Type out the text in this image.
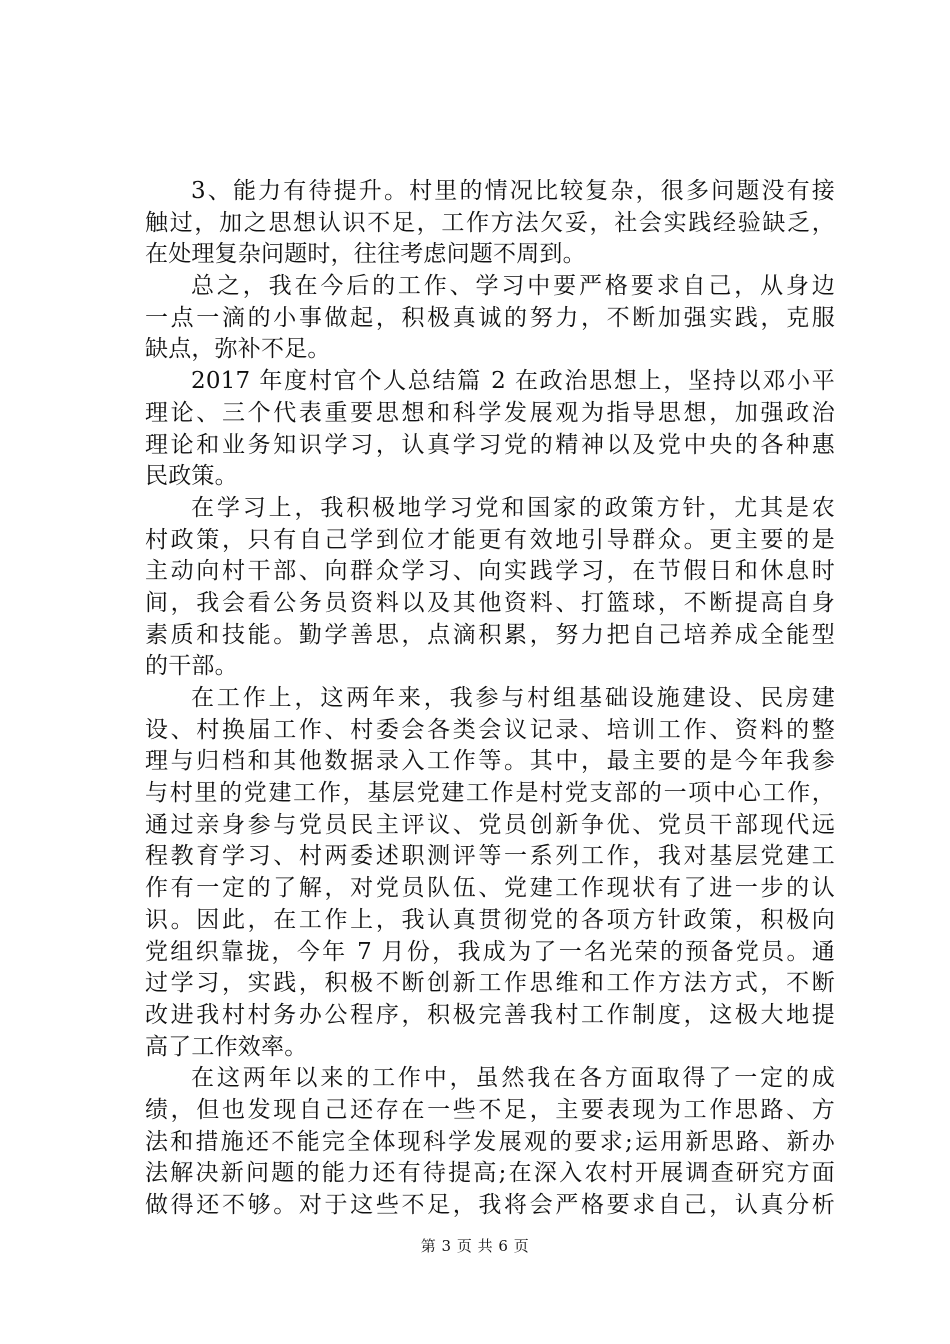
3、能力有待提升。村里的情况比较复杂，很多问题没有接
触过，加之思想认识不足，工作方法欠妥，社会实践经验缺乏，
在处理复杂问题时，往往考虑问题不周到。
总之，我在今后的工作、学习中要严格要求自己，从身边
一点一滴的小事做起，积极真诚的努力，不断加强实践，克服
缺点，弥补不足。
2017 年度村官个人总结篇 2 在政治思想上，坚持以邓小平
理论、三个代表重要思想和科学发展观为指导思想，加强政治
理论和业务知识学习，认真学习党的精神以及党中央的各种惠
民政策。
在学习上，我积极地学习党和国家的政策方针，尤其是农
村政策，只有自己学到位才能更有效地引导群众。更主要的是
主动向村干部、向群众学习、向实践学习，在节假日和休息时
间，我会看公务员资料以及其他资料、打篮球，不断提高自身
素质和技能。勤学善思，点滴积累，努力把自己培养成全能型
的干部。
在工作上，这两年来，我参与村组基础设施建设、民房建
设、村换届工作、村委会各类会议记录、培训工作、资料的整
理与归档和其他数据录入工作等。其中，最主要的是今年我参
与村里的党建工作，基层党建工作是村党支部的一项中心工作，
通过亲身参与党员民主评议、党员创新争优、党员干部现代远
程教育学习、村两委述职测评等一系列工作，我对基层党建工
作有一定的了解，对党员队伍、党建工作现状有了进一步的认
识。因此，在工作上，我认真贯彻党的各项方针政策，积极向
党组织靠拢，今年 7 月份，我成为了一名光荣的预备党员。通
过学习，实践，积极不断创新工作思维和工作方法方式，不断
改进我村村务办公程序，积极完善我村工作制度，这极大地提
高了工作效率。
在这两年以来的工作中，虽然我在各方面取得了一定的成
绩，但也发现自己还存在一些不足，主要表现为工作思路、方
法和措施还不能完全体现科学发展观的要求;运用新思路、新办
法解决新问题的能力还有待提高;在深入农村开展调查研究方面
做得还不够。对于这些不足，我将会严格要求自己，认真分析
第 3 页 共 6 页
